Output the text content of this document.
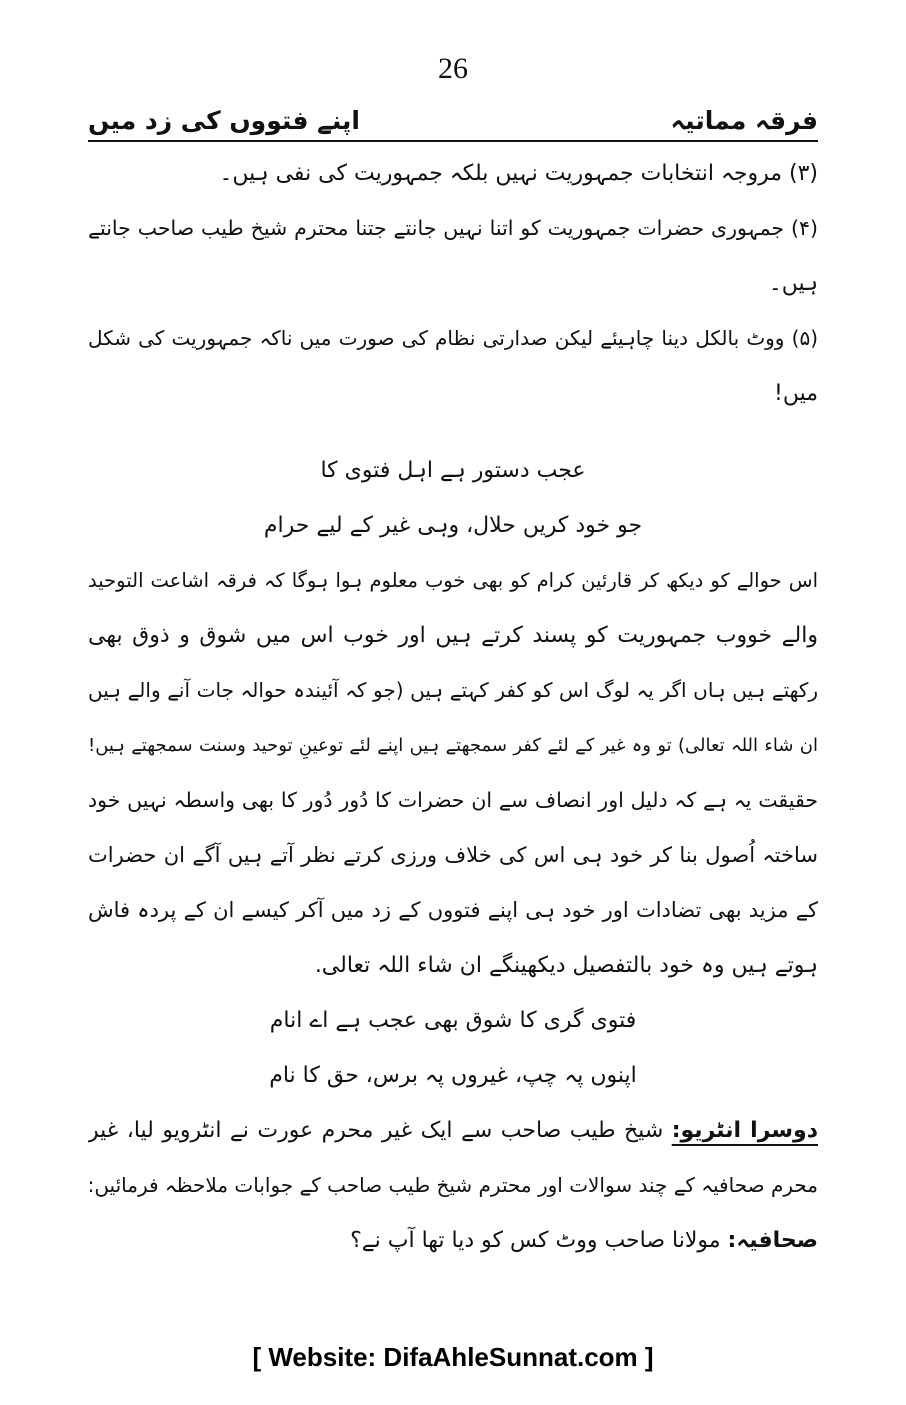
26
فرقہ مماتیہ
اپنے فتووں کی زد میں
(۳) مروجہ انتخابات جمہوریت نہیں بلکہ جمہوریت کی نفی ہیں۔
(۴) جمہوری حضرات جمہوریت کو اتنا نہیں جانتے جتنا محترم شیخ طیب صاحب جانتے
ہیں۔
(۵) ووٹ بالکل دینا چاہیئے لیکن صدارتی نظام کی صورت میں ناکہ جمہوریت کی شکل
میں!
عجب دستور ہے اہل فتوی کا
جو خود کریں حلال، وہی غیر کے لیے حرام
اس حوالے کو دیکھ کر قارئین کرام کو بھی خوب معلوم ہوا ہوگا کہ فرقہ اشاعت التوحید
والے خووب جمہوریت کو پسند کرتے ہیں اور خوب اس میں شوق و ذوق بھی
رکھتے ہیں ہاں اگر یہ لوگ اس کو کفر کہتے ہیں (جو کہ آئیندہ حوالہ جات آنے والے ہیں
ان شاء اللہ تعالی) تو وہ غیر کے لئے کفر سمجھتے ہیں اپنے لئے توعینِ توحید وسنت سمجھتے ہیں!
حقیقت یہ ہے کہ دلیل اور انصاف سے ان حضرات کا دُور دُور کا بھی واسطہ نہیں خود
ساختہ اُصول بنا کر خود ہی اس کی خلاف ورزی کرتے نظر آتے ہیں آگے ان حضرات
کے مزید بھی تضادات اور خود ہی اپنے فتووں کے زد میں آکر کیسے ان کے پردہ فاش
ہوتے ہیں وہ خود بالتفصیل دیکھینگے ان شاء اللہ تعالی.
فتوی گری کا شوق بھی عجب ہے اے انام
اپنوں پہ چپ، غیروں پہ برس، حق کا نام
دوسرا انٹریو: شیخ طیب صاحب سے ایک غیر محرم عورت نے انٹرویو لیا، غیر
محرم صحافیہ کے چند سوالات اور محترم شیخ طیب صاحب کے جوابات ملاحظہ فرمائیں:
صحافیہ: مولانا صاحب ووٹ کس کو دیا تھا آپ نے؟
[ Website: DifaAhleSunnat.com ]
